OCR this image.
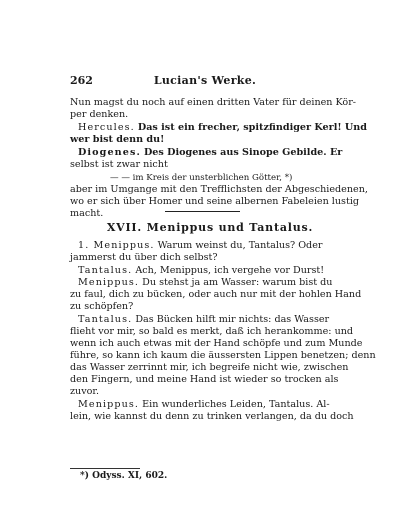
262	Lucian's Werke.
Nun magst du noch auf einen dritten Vater für deinen Kör-
per denken.
Hercules. Das ist ein frecher, spitzfindiger Kerl! Und
wer bist denn du!
Diogenes. Des Diogenes aus Sinope Gebilde. Er
selbst ist zwar nicht
— — im Kreis der unsterblichen Götter, *)
aber im Umgange mit den Trefflichsten der Abgeschiedenen,
wo er sich über Homer und seine albernen Fabeleien lustig
macht.
XVII. Menippus und Tantalus.
1. Menippus. Warum weinst du, Tantalus? Oder
jammerst du über dich selbst?
Tantalus. Ach, Menippus, ich vergehe vor Durst!
Menippus. Du stehst ja am Wasser: warum bist du
zu faul, dich zu bücken, oder auch nur mit der hohlen Hand
zu schöpfen?
Tantalus. Das Bücken hilft mir nichts: das Wasser
flieht vor mir, so bald es merkt, daß ich herankomme: und
wenn ich auch etwas mit der Hand schöpfe und zum Munde
führe, so kann ich kaum die äussersten Lippen benetzen; denn
das Wasser zerrinnt mir, ich begreife nicht wie, zwischen
den Fingern, und meine Hand ist wieder so trocken als
zuvor.
Menippus. Ein wunderliches Leiden, Tantalus. Al-
lein, wie kannst du denn zu trinken verlangen, da du doch
*) Odyss. XI, 602.
